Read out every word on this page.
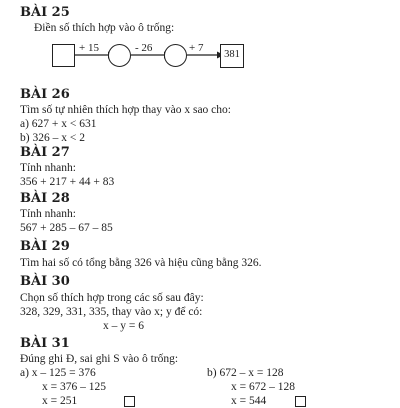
BÀI 25
Điền số thích hợp vào ô trống:
+ 15	- 26	+ 7
381
BÀI 26
Tìm số tự nhiên thích hợp thay vào x sao cho:
a) 627 + x < 631
b) 326 – x < 2
BÀI 27
Tính nhanh:
356 + 217 + 44 + 83
BÀI 28
Tính nhanh:
567 + 285 – 67 – 85
BÀI 29
Tìm hai số có tổng bằng 326 và hiệu cũng bằng 326.
BÀI 30
Chọn số thích hợp trong các số sau đây:
328, 329, 331, 335, thay vào x; y để có:
x – y = 6
BÀI 31
Đúng ghi Đ, sai ghi S vào ô trống:
a) x – 125 = 376
x = 376 – 125
x = 251
b) 672 – x = 128
x = 672 – 128
x = 544
